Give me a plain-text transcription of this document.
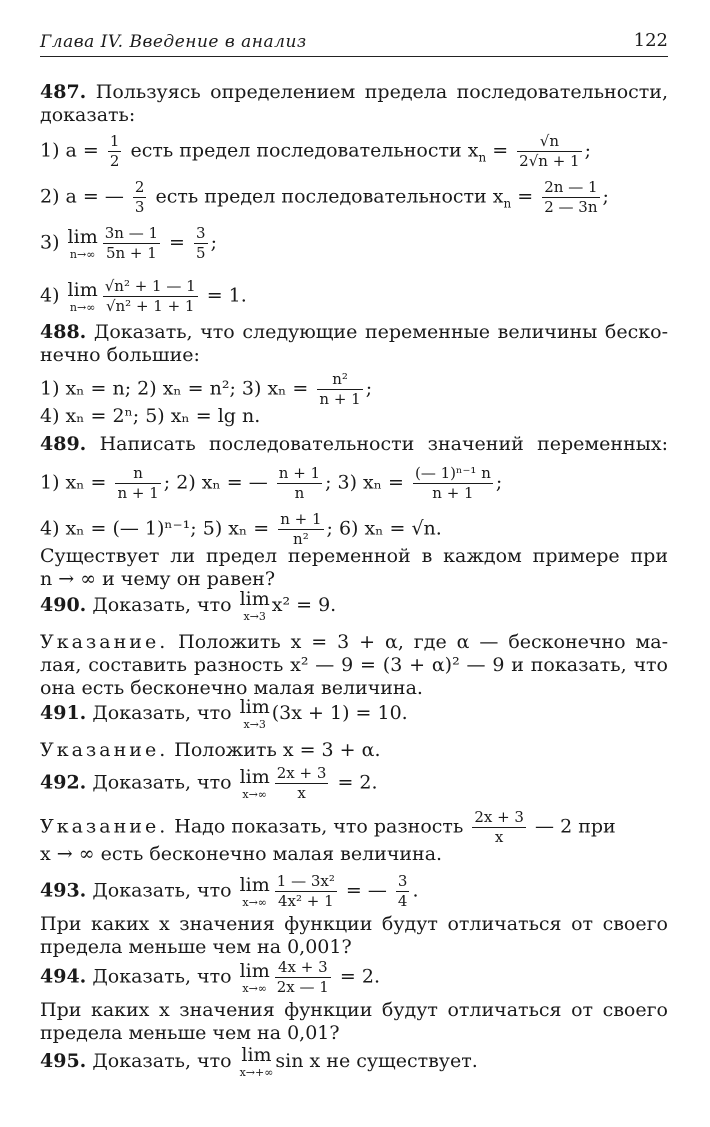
Глава IV. Введение в анализ	122
487. Пользуясь определением предела последовательности,
доказать:
1) $a = \frac{1}{2}$ есть предел последовательности $x_n = \frac{√n}{2√n + 1}$ ;
2) a = — $\frac{2}{3}$ есть предел последовательности $x_n = \frac{2n — 1}{2 — 3n}$ ;
3) lim
$n\to\infty \frac{3n — 1}{5n + 1} = \frac{3}{5}$ ;
4) lim
$n\to\infty \frac{\text{√n² + 1 — 1}}{\text{√n² + 1 + 1}} = 1$.
488. Доказать, что следующие переменные величины беско-
нечно большие:
1) xₙ = n; 2) xₙ = n²; 3) $x_n = \frac{\text{n²}}{n + 1}$ ;
4) xₙ = 2ⁿ; 5) xₙ = lg n.
489. Написать последовательности значений переменных:
1) $x_n = \frac{n}{n + 1}$ ; 2) xₙ = — $\frac{n + 1}{n}$ ; 3) $x_n = \frac{\text{(— 1)ⁿ⁻¹ n}}{n + 1}$ ;
4) xₙ = (— 1)ⁿ⁻¹; 5) $x_n = \frac{n + 1}{\text{n²}}$ ; 6) xₙ = √n.
Существует ли предел переменной в каждом примере при
n → ∞ и чему он равен?
490. Доказать, что lim
x→3
x² = 9.
Указание. Положить x = 3 + α, где α — бесконечно ма-
лая, составить разность x² — 9 = (3 + α)² — 9 и показать, что
она есть бесконечно малая величина.
491. Доказать, что lim
x→3
(3x + 1) = 10.
Указание. Положить x = 3 + α.
492. Доказать, что lim
$x\to\infty \frac{2x + 3}{x} = 2$.
Указание. Надо показать, что разность $\frac{2x + 3}{x}$ — 2 при
x → ∞ есть бесконечно малая величина.
493. Доказать, что lim
$x\to\infty \frac{\text{1 — 3x²}}{\text{4x² + 1}}$ = — $\frac{3}{4}$ .
При каких x значения функции будут отличаться от своего
предела меньше чем на 0,001?
494. Доказать, что lim
$x\to\infty \frac{4x + 3}{2x — 1} = 2$.
При каких x значения функции будут отличаться от своего
предела меньше чем на 0,01?
495. Доказать, что lim
x→+∞
sin x не существует.
